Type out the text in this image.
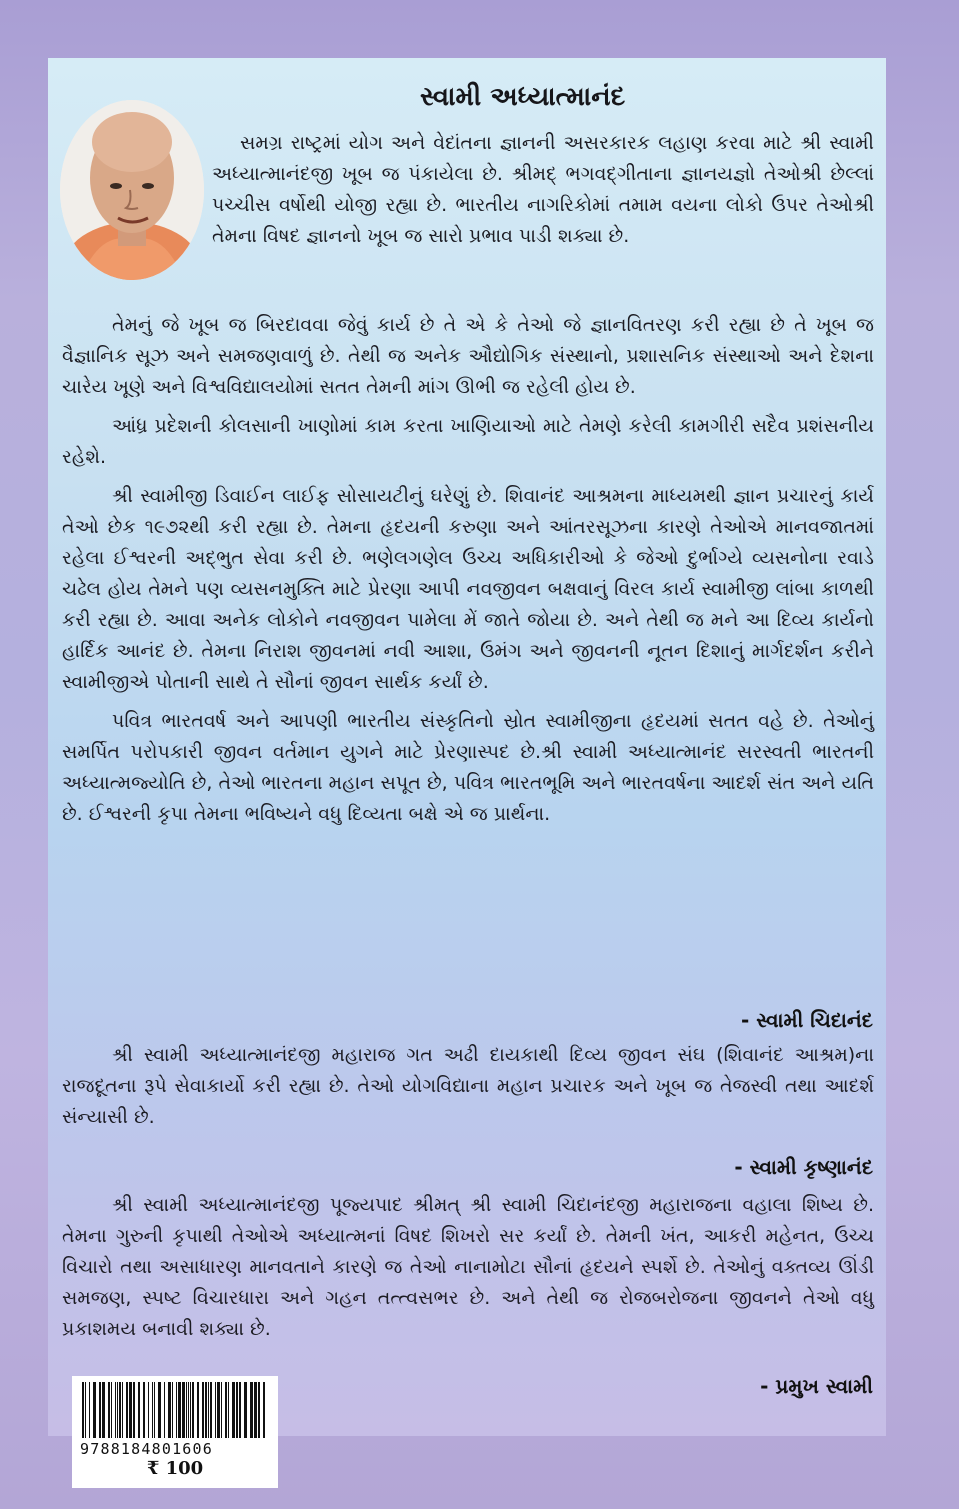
સ્વામી અધ્યાત્માનંદ

સમગ્ર રાષ્ટ્રમાં યોગ અને વેદાંતના જ્ઞાનની અસરકારક લહાણ કરવા માટે શ્રી સ્વામી અધ્યાત્માનંદજી ખૂબ જ પંકાયેલા છે. શ્રીમદ્‌ ભગવદ્‌ગીતાના જ્ઞાનયજ્ઞો તેઓશ્રી છેલ્લાં પચ્ચીસ વર્ષોથી યોજી રહ્યા છે. ભારતીય નાગરિકોમાં તમામ વયના લોકો ઉપર તેઓશ્રી તેમના વિષદ જ્ઞાનનો ખૂબ જ સારો પ્રભાવ પાડી શક્યા છે.

તેમનું જે ખૂબ જ બિરદાવવા જેવું કાર્ય છે તે એ કે તેઓ જે જ્ઞાનવિતરણ કરી રહ્યા છે તે ખૂબ જ વૈજ્ઞાનિક સૂઝ અને સમજણવાળું છે. તેથી જ અનેક ઔદ્યોગિક સંસ્થાનો, પ્રશાસનિક સંસ્થાઓ અને દેશના ચારેય ખૂણે અને વિશ્વવિદ્યાલયોમાં સતત તેમની માંગ ઊભી જ રહેલી હોય છે.

આંધ્ર પ્રદેશની કોલસાની ખાણોમાં કામ કરતા ખાણિયાઓ માટે તેમણે કરેલી કામગીરી સદૈવ પ્રશંસનીય રહેશે.

શ્રી સ્વામીજી ડિવાઈન લાઈફ સોસાયટીનું ઘરેણું છે. શિવાનંદ આશ્રમના માધ્યમથી જ્ઞાન પ્રચારનું કાર્ય તેઓ છેક ૧૯૭૨થી કરી રહ્યા છે. તેમના હૃદયની કરુણા અને આંતરસૂઝના કારણે તેઓએ માનવજાતમાં રહેલા ઈશ્વરની અદ્‌ભુત સેવા કરી છે. ભણેલગણેલ ઉચ્ચ અધિકારીઓ કે જેઓ દુર્ભાગ્યે વ્યસનોના રવાડે ચઢેલ હોય તેમને પણ વ્યસનમુક્તિ માટે પ્રેરણા આપી નવજીવન બક્ષવાનું વિરલ કાર્ય સ્વામીજી લાંબા કાળથી કરી રહ્યા છે. આવા અનેક લોકોને નવજીવન પામેલા મેં જાતે જોયા છે. અને તેથી જ મને આ દિવ્ય કાર્યનો હાર્દિક આનંદ છે. તેમના નિરાશ જીવનમાં નવી આશા, ઉમંગ અને જીવનની નૂતન દિશાનું માર્ગદર્શન કરીને સ્વામીજીએ પોતાની સાથે તે સૌનાં જીવન સાર્થક કર્યાં છે.

પવિત્ર ભારતવર્ષ અને આપણી ભારતીય સંસ્કૃતિનો સ્રોત સ્વામીજીના હૃદયમાં સતત વહે છે. તેઓનું સમર્પિત પરોપકારી જીવન વર્તમાન યુગને માટે પ્રેરણાસ્પદ છે.શ્રી સ્વામી અધ્યાત્માનંદ સરસ્વતી ભારતની અધ્યાત્મજ્યોતિ છે, તેઓ ભારતના મહાન સપૂત છે, પવિત્ર ભારતભૂમિ અને ભારતવર્ષના આદર્શ સંત અને યતિ છે. ઈશ્વરની કૃપા તેમના ભવિષ્યને વધુ દિવ્યતા બક્ષે એ જ પ્રાર્થના.

- સ્વામી ચિદાનંદ

શ્રી સ્વામી અધ્યાત્માનંદજી મહારાજ ગત અઢી દાયકાથી દિવ્ય જીવન સંઘ (શિવાનંદ આશ્રમ)ના રાજદૂતના રૂપે સેવાકાર્યો કરી રહ્યા છે. તેઓ યોગવિદ્યાના મહાન પ્રચારક અને ખૂબ જ તેજસ્વી તથા આદર્શ સંન્યાસી છે.

- સ્વામી કૃષ્ણાનંદ

શ્રી સ્વામી અધ્યાત્માનંદજી પૂજ્યપાદ શ્રીમત્‌ શ્રી સ્વામી ચિદાનંદજી મહારાજના વહાલા શિષ્ય છે. તેમના ગુરુની કૃપાથી તેઓએ અધ્યાત્મનાં વિષદ શિખરો સર કર્યાં છે. તેમની ખંત, આકરી મહેનત, ઉચ્ચ વિચારો તથા અસાધારણ માનવતાને કારણે જ તેઓ નાનામોટા સૌનાં હૃદયને સ્પર્શે છે. તેઓનું વક્તવ્ય ઊંડી સમજણ, સ્પષ્ટ વિચારધારા અને ગહન તત્ત્વસભર છે. અને તેથી જ રોજબરોજના જીવનને તેઓ વધુ પ્રકાશમય બનાવી શક્યા છે.

- પ્રમુખ સ્વામી
9788184801606
₹ 100
